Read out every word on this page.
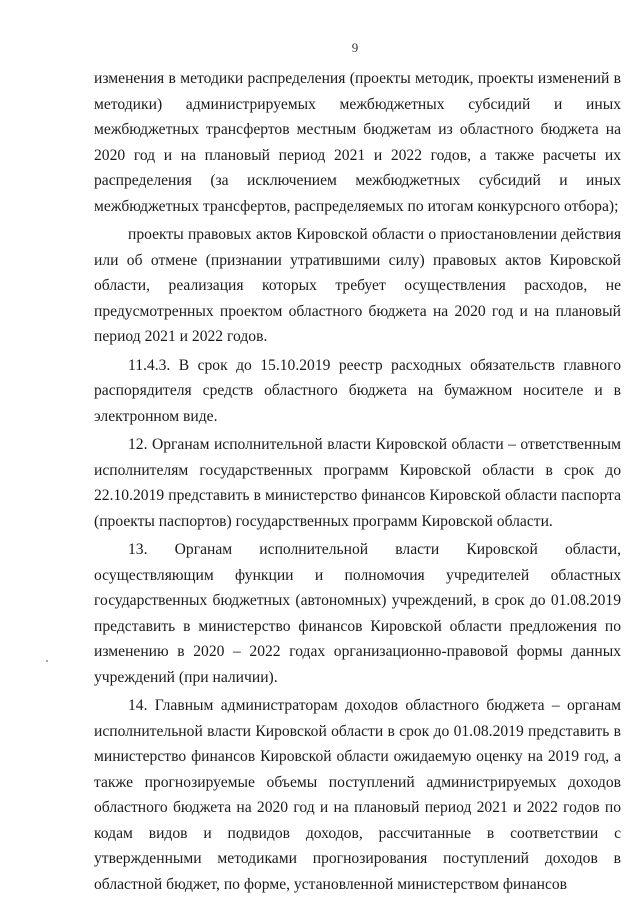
9

изменения в методики распределения (проекты методик, проекты изменений в методики) администрируемых межбюджетных субсидий и иных межбюджетных трансфертов местным бюджетам из областного бюджета на 2020 год и на плановый период 2021 и 2022 годов, а также расчеты их распределения (за исключением межбюджетных субсидий и иных межбюджетных трансфертов, распределяемых по итогам конкурсного отбора);

проекты правовых актов Кировской области о приостановлении действия или об отмене (признании утратившими силу) правовых актов Кировской области, реализация которых требует осуществления расходов, не предусмотренных проектом областного бюджета на 2020 год и на плановый период 2021 и 2022 годов.

11.4.3. В срок до 15.10.2019 реестр расходных обязательств главного распорядителя средств областного бюджета на бумажном носителе и в электронном виде.

12. Органам исполнительной власти Кировской области – ответственным исполнителям государственных программ Кировской области в срок до 22.10.2019 представить в министерство финансов Кировской области паспорта (проекты паспортов) государственных программ Кировской области.

13. Органам исполнительной власти Кировской области, осуществляющим функции и полномочия учредителей областных государственных бюджетных (автономных) учреждений, в срок до 01.08.2019 представить в министерство финансов Кировской области предложения по изменению в 2020 – 2022 годах организационно-правовой формы данных учреждений (при наличии).

14. Главным администраторам доходов областного бюджета – органам исполнительной власти Кировской области в срок до 01.08.2019 представить в министерство финансов Кировской области ожидаемую оценку на 2019 год, а также прогнозируемые объемы поступлений администрируемых доходов областного бюджета на 2020 год и на плановый период 2021 и 2022 годов по кодам видов и подвидов доходов, рассчитанные в соответствии с утвержденными методиками прогнозирования поступлений доходов в областной бюджет, по форме, установленной министерством финансов
